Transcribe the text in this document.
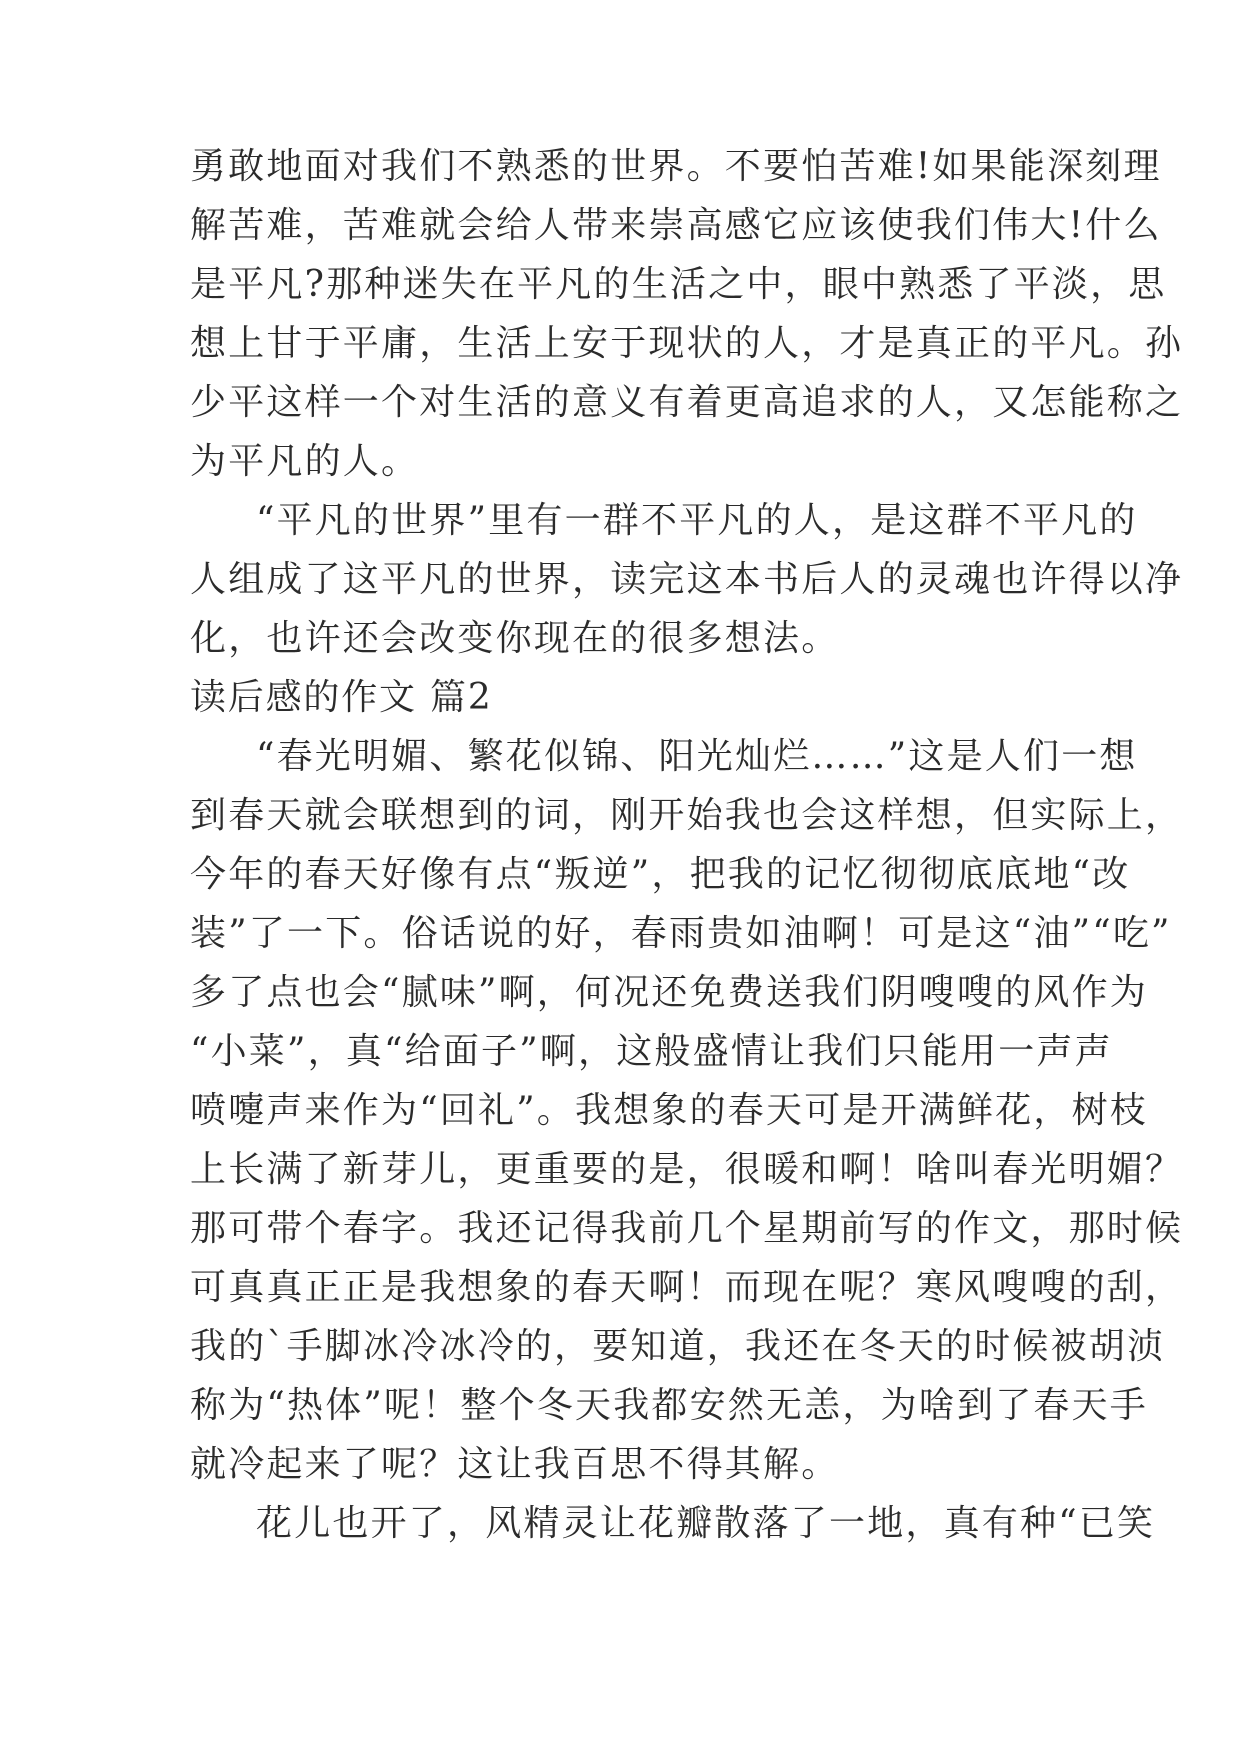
勇敢地面对我们不熟悉的世界。不要怕苦难!如果能深刻理

解苦难，苦难就会给人带来崇高感它应该使我们伟大!什么

是平凡?那种迷失在平凡的生活之中，眼中熟悉了平淡，思

想上甘于平庸，生活上安于现状的人，才是真正的平凡。孙

少平这样一个对生活的意义有着更高追求的人，又怎能称之

为平凡的人。

“平凡的世界”里有一群不平凡的人，是这群不平凡的

人组成了这平凡的世界，读完这本书后人的灵魂也许得以净

化，也许还会改变你现在的很多想法。

读后感的作文 篇2

“春光明媚、繁花似锦、阳光灿烂……”这是人们一想

到春天就会联想到的词，刚开始我也会这样想，但实际上，

今年的春天好像有点“叛逆”，把我的记忆彻彻底底地“改

装”了一下。俗话说的好，春雨贵如油啊！可是这“油”“吃”

多了点也会“腻味”啊，何况还免费送我们阴嗖嗖的风作为

“小菜”，真“给面子”啊，这般盛情让我们只能用一声声

喷嚏声来作为“回礼”。我想象的春天可是开满鲜花，树枝

上长满了新芽儿，更重要的是，很暖和啊！啥叫春光明媚？

那可带个春字。我还记得我前几个星期前写的作文，那时候

可真真正正是我想象的春天啊！而现在呢？寒风嗖嗖的刮，

我的`手脚冰冷冰冷的，要知道，我还在冬天的时候被胡浈

称为“热体”呢！整个冬天我都安然无恙，为啥到了春天手

就冷起来了呢？这让我百思不得其解。

花儿也开了，风精灵让花瓣散落了一地，真有种“已笑
